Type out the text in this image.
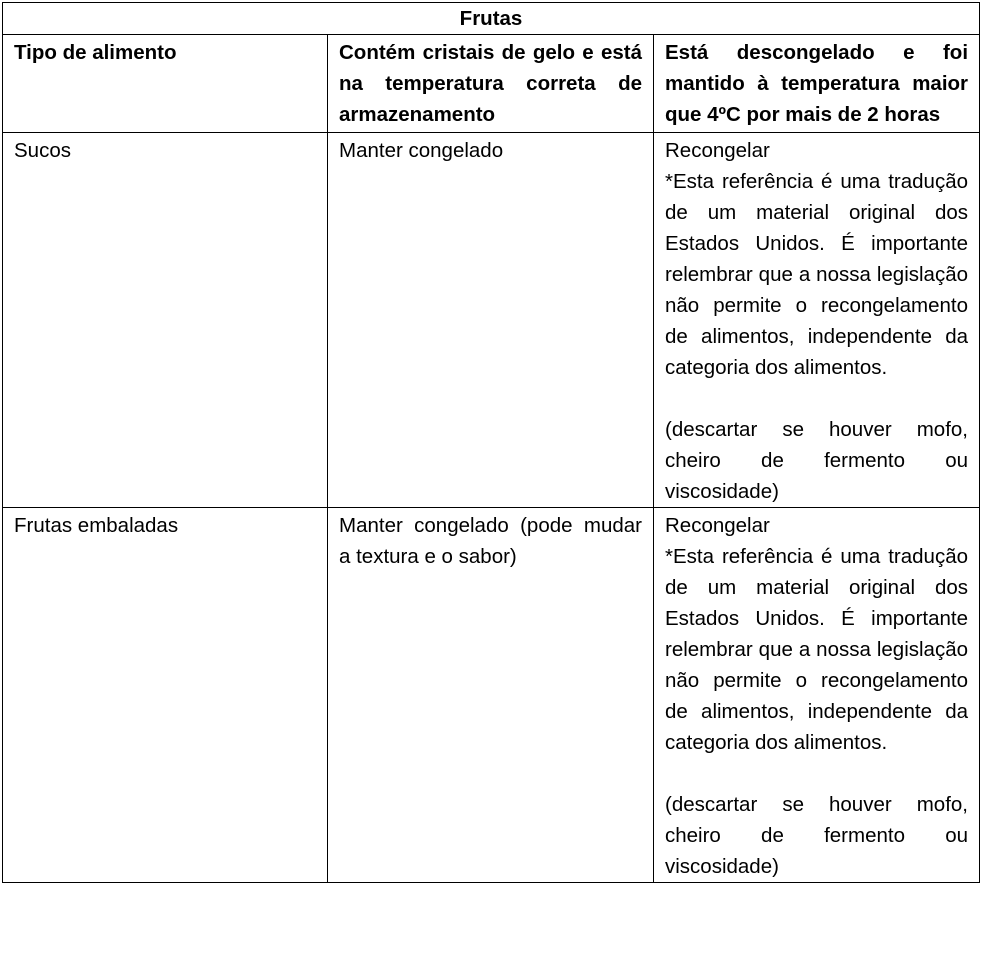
Frutas		
Tipo de alimento	Contém cristais de gelo e está na temperatura correta de armazenamento	Está descongelado e foi mantido à temperatura maior que 4ºC por mais de 2 horas
Sucos	Manter congelado	Recongelar

*Esta referência é uma tradução de um material original dos Estados Unidos. É importante relembrar que a nossa legislação não permite o recongelamento de alimentos, independente da categoria dos alimentos.

(descartar se houver mofo, cheiro de fermento ou viscosidade)

Frutas embaladas	Manter congelado (pode mudar a textura e o sabor)	Recongelar

*Esta referência é uma tradução de um material original dos Estados Unidos. É importante relembrar que a nossa legislação não permite o recongelamento de alimentos, independente da categoria dos alimentos.

(descartar se houver mofo, cheiro de fermento ou viscosidade)
